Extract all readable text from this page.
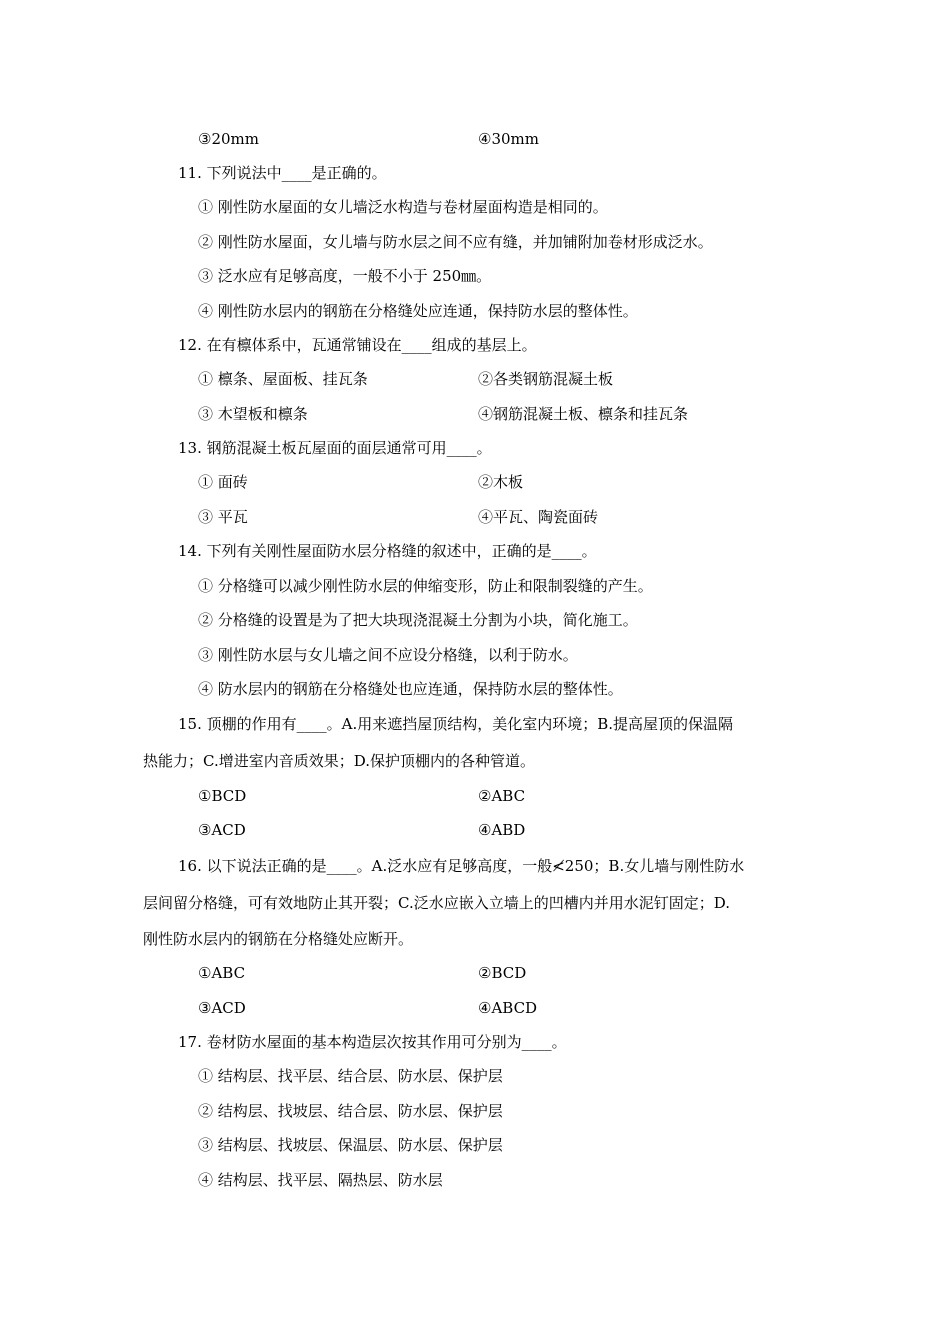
③20mm	④30mm
11. 下列说法中____是正确的。
① 刚性防水屋面的女儿墙泛水构造与卷材屋面构造是相同的。
② 刚性防水屋面，女儿墙与防水层之间不应有缝，并加铺附加卷材形成泛水。
③ 泛水应有足够高度，一般不小于 250㎜。
④ 刚性防水层内的钢筋在分格缝处应连通，保持防水层的整体性。
12. 在有檩体系中，瓦通常铺设在____组成的基层上。
① 檩条、屋面板、挂瓦条	②各类钢筋混凝土板
③ 木望板和檩条	④钢筋混凝土板、檩条和挂瓦条
13. 钢筋混凝土板瓦屋面的面层通常可用____。
① 面砖	②木板
③ 平瓦	④平瓦、陶瓷面砖
14. 下列有关刚性屋面防水层分格缝的叙述中，正确的是____。
① 分格缝可以减少刚性防水层的伸缩变形，防止和限制裂缝的产生。
② 分格缝的设置是为了把大块现浇混凝土分割为小块，简化施工。
③ 刚性防水层与女儿墙之间不应设分格缝，以利于防水。
④ 防水层内的钢筋在分格缝处也应连通，保持防水层的整体性。
15. 顶棚的作用有____。A.用来遮挡屋顶结构，美化室内环境；B.提高屋顶的保温隔
热能力；C.增进室内音质效果；D.保护顶棚内的各种管道。
①BCD	②ABC
③ACD	④ABD
16. 以下说法正确的是____。A.泛水应有足够高度，一般≮250；B.女儿墙与刚性防水
层间留分格缝，可有效地防止其开裂；C.泛水应嵌入立墙上的凹槽内并用水泥钉固定；D.
刚性防水层内的钢筋在分格缝处应断开。
①ABC	②BCD
③ACD	④ABCD
17. 卷材防水屋面的基本构造层次按其作用可分别为____。
① 结构层、找平层、结合层、防水层、保护层
② 结构层、找坡层、结合层、防水层、保护层
③ 结构层、找坡层、保温层、防水层、保护层
④ 结构层、找平层、隔热层、防水层
